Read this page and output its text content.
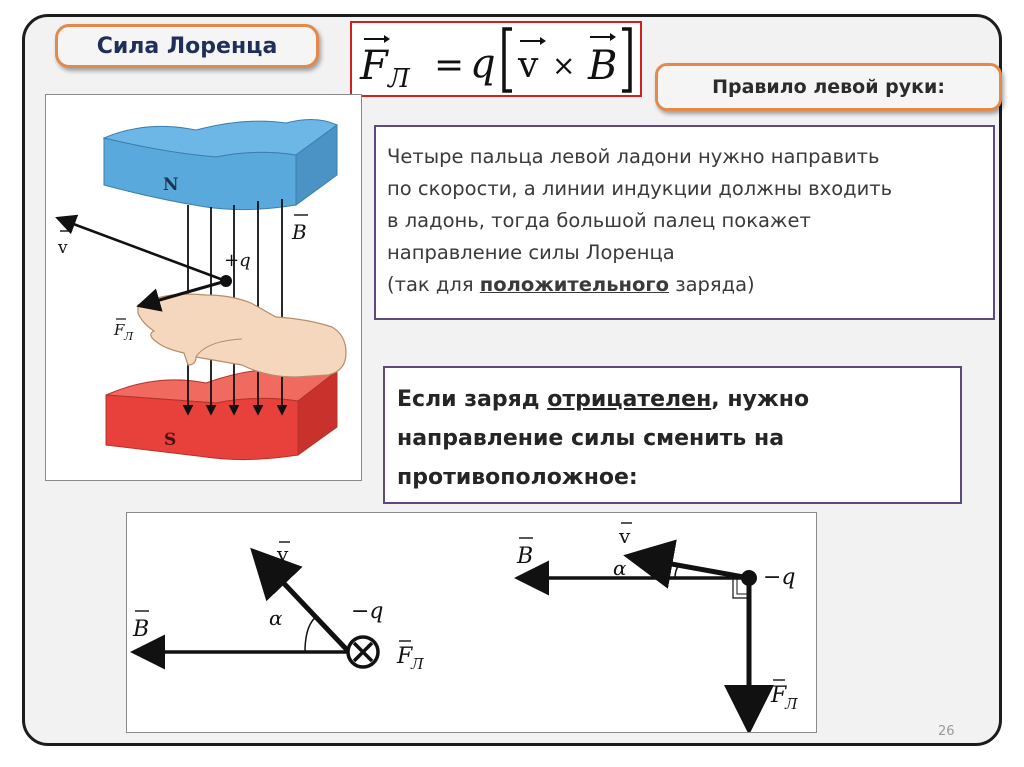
Сила Лоренца F Л = q v × B	Правило левой руки:

Четыре пальца левой ладони нужно направить

по скорости, а линии индукции должны входить

в ладонь, тогда большой палец покажет

направление силы Лоренца

(так для положительного заряда)

Если заряд отрицателен, нужно

направление силы сменить на

противоположное:

N
S
+q
v
B
F Л
v
α	−q
B
F
Л
v
α	−q
B
F
Л
26
